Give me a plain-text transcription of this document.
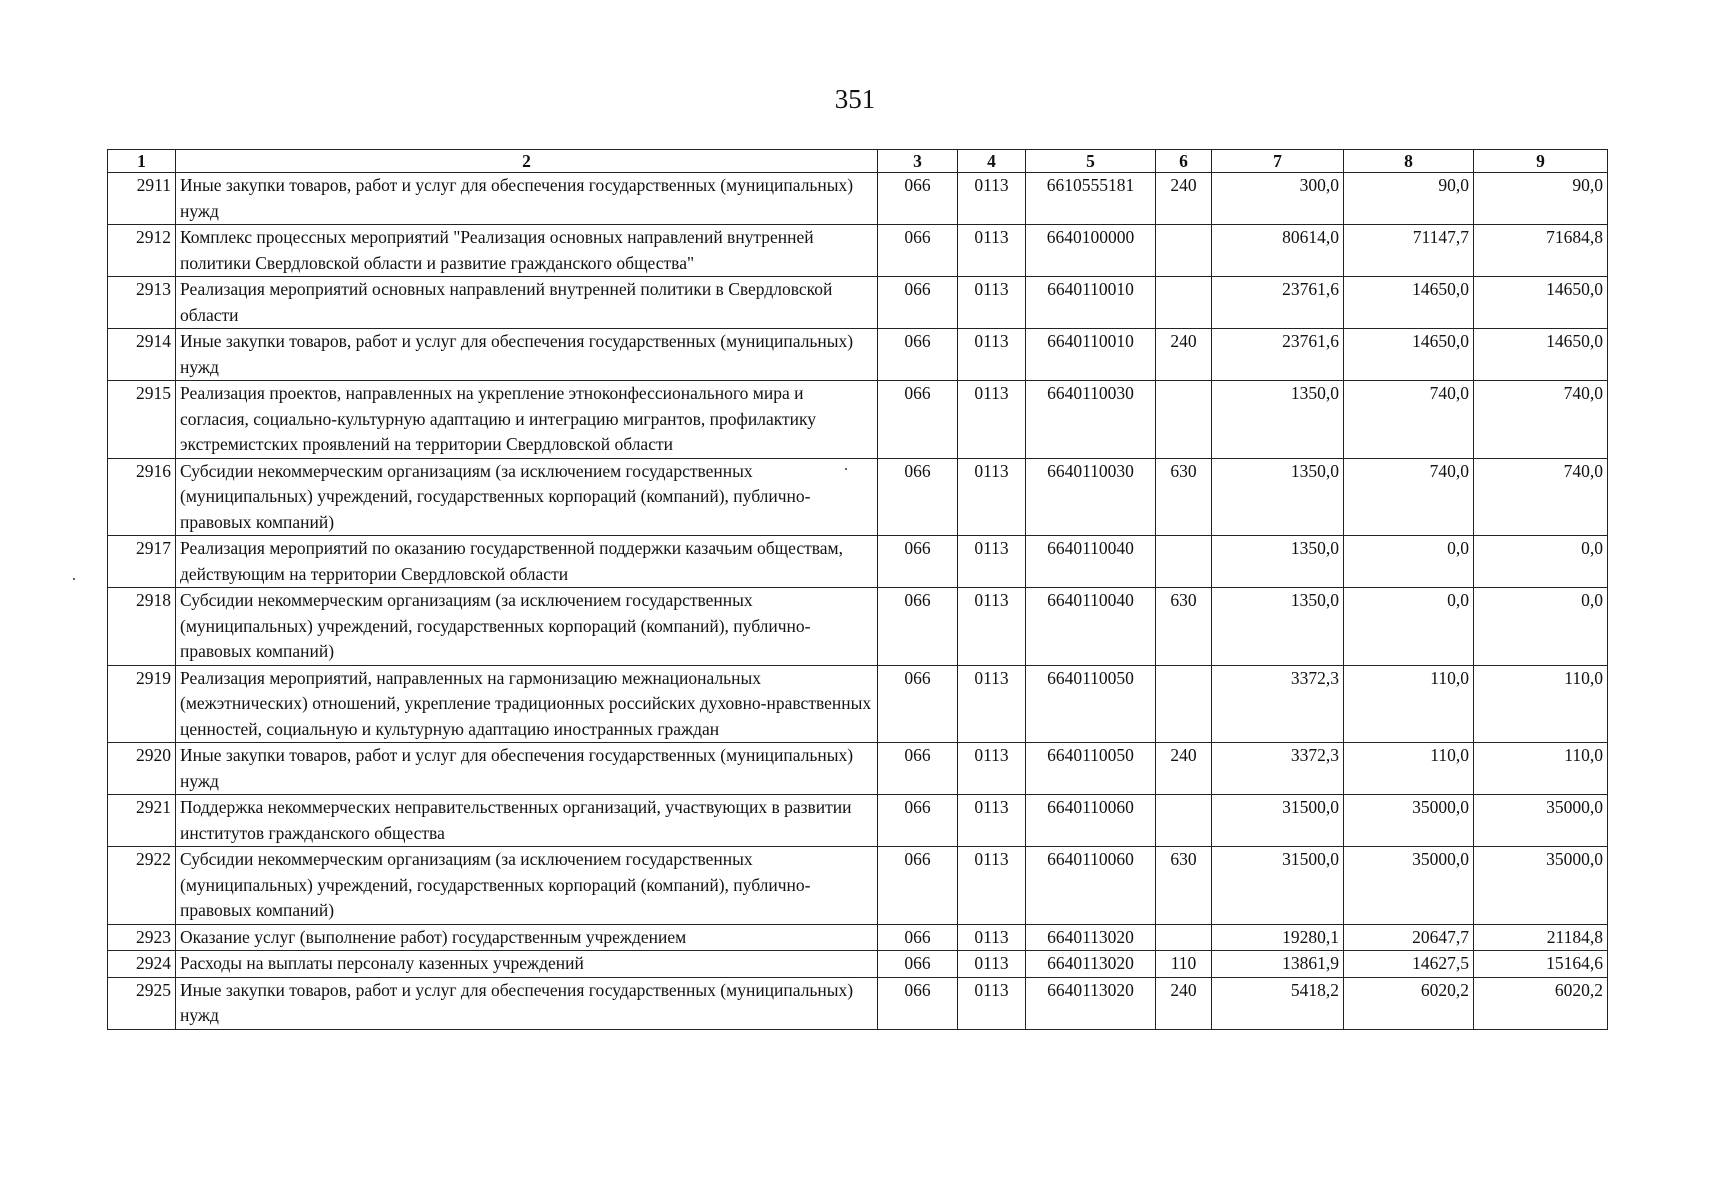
351
1	2	3	4	5	6	7	8	9
2911	Иные закупки товаров, работ и услуг для обеспечения государственных (муниципальных) нужд	066	0113	6610555181	240	300,0	90,0	90,0
2912	Комплекс процессных мероприятий "Реализация основных направлений внутренней политики Свердловской области и развитие гражданского общества"	066	0113	6640100000		80614,0	71147,7	71684,8
2913	Реализация мероприятий основных направлений внутренней политики в Свердловской области	066	0113	6640110010		23761,6	14650,0	14650,0
2914	Иные закупки товаров, работ и услуг для обеспечения государственных (муниципальных) нужд	066	0113	6640110010	240	23761,6	14650,0	14650,0
2915	Реализация проектов, направленных на укрепление этноконфессионального мира и согласия, социально-культурную адаптацию и интеграцию мигрантов, профилактику экстремистских проявлений на территории Свердловской области	066	0113	6640110030		1350,0	740,0	740,0
2916	Субсидии некоммерческим организациям (за исключением государственных (муниципальных) учреждений, государственных корпораций (компаний), публично-правовых компаний)	066	0113	6640110030	630	1350,0	740,0	740,0
2917	Реализация мероприятий по оказанию государственной поддержки казачьим обществам, действующим на территории Свердловской области	066	0113	6640110040		1350,0	0,0	0,0
2918	Субсидии некоммерческим организациям (за исключением государственных (муниципальных) учреждений, государственных корпораций (компаний), публично-правовых компаний)	066	0113	6640110040	630	1350,0	0,0	0,0
2919	Реализация мероприятий, направленных на гармонизацию межнациональных (межэтнических) отношений, укрепление традиционных российских духовно-нравственных ценностей, социальную и культурную адаптацию иностранных граждан	066	0113	6640110050		3372,3	110,0	110,0
2920	Иные закупки товаров, работ и услуг для обеспечения государственных (муниципальных) нужд	066	0113	6640110050	240	3372,3	110,0	110,0
2921	Поддержка некоммерческих неправительственных организаций, участвующих в развитии институтов гражданского общества	066	0113	6640110060		31500,0	35000,0	35000,0
2922	Субсидии некоммерческим организациям (за исключением государственных (муниципальных) учреждений, государственных корпораций (компаний), публично-правовых компаний)	066	0113	6640110060	630	31500,0	35000,0	35000,0
2923	Оказание услуг (выполнение работ) государственным учреждением	066	0113	6640113020		19280,1	20647,7	21184,8
2924	Расходы на выплаты персоналу казенных учреждений	066	0113	6640113020	110	13861,9	14627,5	15164,6
2925	Иные закупки товаров, работ и услуг для обеспечения государственных (муниципальных) нужд	066	0113	6640113020	240	5418,2	6020,2	6020,2
